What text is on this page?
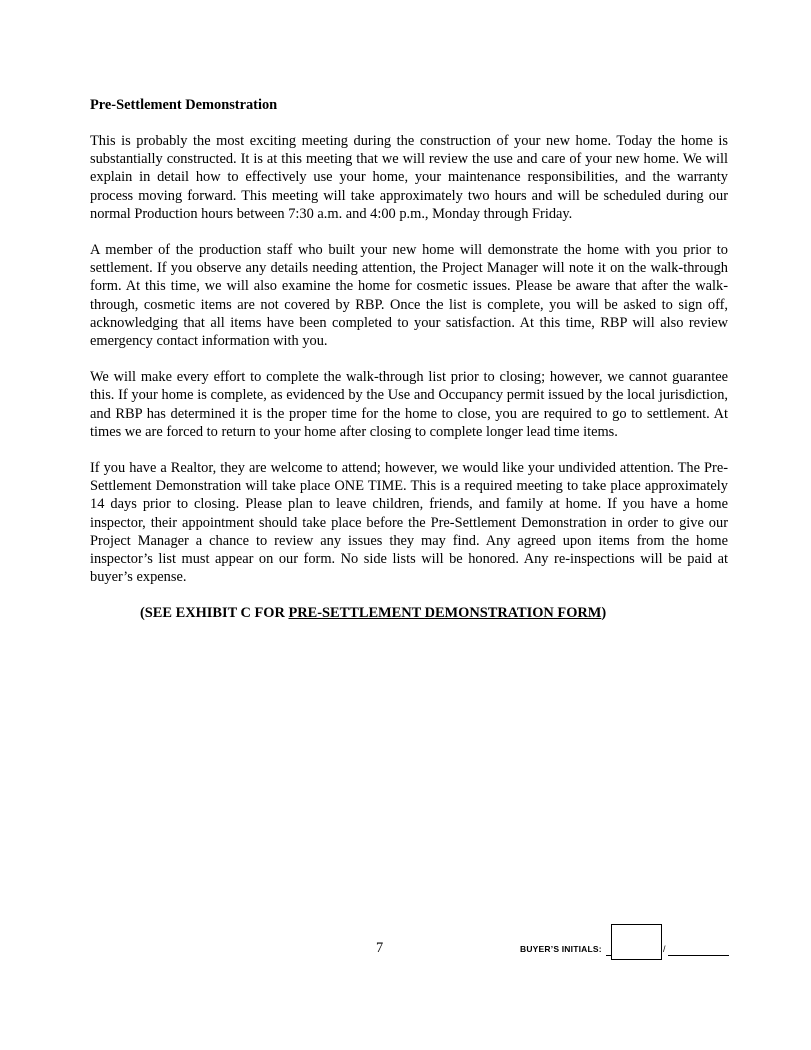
Pre-Settlement Demonstration

This is probably the most exciting meeting during the construction of your new home. Today the home is substantially constructed. It is at this meeting that we will review the use and care of your new home. We will explain in detail how to effectively use your home, your maintenance responsibilities, and the warranty process moving forward. This meeting will take approximately two hours and will be scheduled during our normal Production hours between 7:30 a.m. and 4:00 p.m., Monday through Friday.

A member of the production staff who built your new home will demonstrate the home with you prior to settlement. If you observe any details needing attention, the Project Manager will note it on the walk-through form. At this time, we will also examine the home for cosmetic issues. Please be aware that after the walk-through, cosmetic items are not covered by RBP. Once the list is complete, you will be asked to sign off, acknowledging that all items have been completed to your satisfaction. At this time, RBP will also review emergency contact information with you.

We will make every effort to complete the walk-through list prior to closing; however, we cannot guarantee this. If your home is complete, as evidenced by the Use and Occupancy permit issued by the local jurisdiction, and RBP has determined it is the proper time for the home to close, you are required to go to settlement. At times we are forced to return to your home after closing to complete longer lead time items.

If you have a Realtor, they are welcome to attend; however, we would like your undivided attention. The Pre-Settlement Demonstration will take place ONE TIME. This is a required meeting to take place approximately 14 days prior to closing. Please plan to leave children, friends, and family at home. If you have a home inspector, their appointment should take place before the Pre-Settlement Demonstration in order to give our Project Manager a chance to review any issues they may find. Any agreed upon items from the home inspector’s list must appear on our form. No side lists will be honored. Any re-inspections will be paid at buyer’s expense.

(SEE EXHIBIT C FOR PRE-SETTLEMENT DEMONSTRATION FORM)

7	BUYER’S INITIALS:	/
